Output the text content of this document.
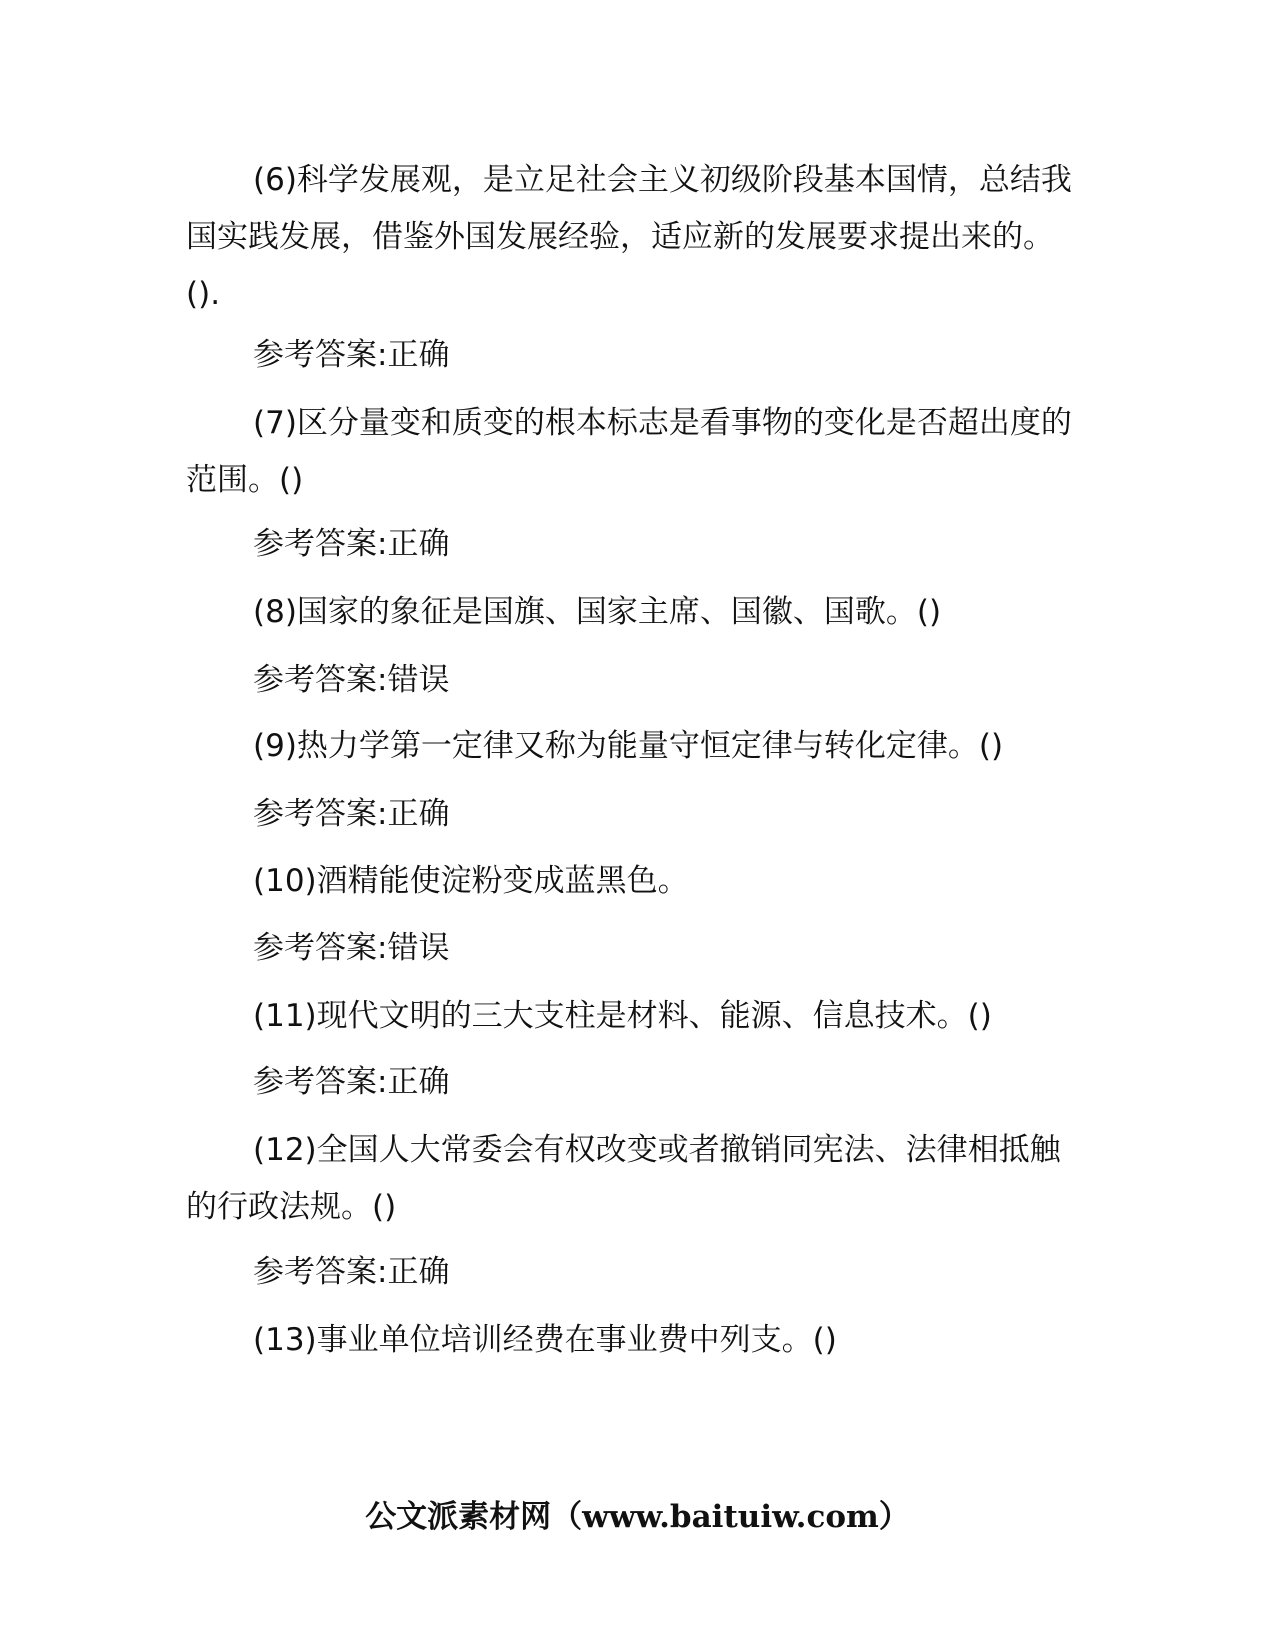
(6)科学发展观，是立足社会主义初级阶段基本国情，总结我国实践发展，借鉴外国发展经验，适应新的发展要求提出来的。().

参考答案:正确

(7)区分量变和质变的根本标志是看事物的变化是否超出度的范围。()

参考答案:正确

(8)国家的象征是国旗、国家主席、国徽、国歌。()

参考答案:错误

(9)热力学第一定律又称为能量守恒定律与转化定律。()

参考答案:正确

(10)酒精能使淀粉变成蓝黑色。

参考答案:错误

(11)现代文明的三大支柱是材料、能源、信息技术。()

参考答案:正确

(12)全国人大常委会有权改变或者撤销同宪法、法律相抵触的行政法规。()

参考答案:正确

(13)事业单位培训经费在事业费中列支。()

公文派素材网（www.baituiw.com）
